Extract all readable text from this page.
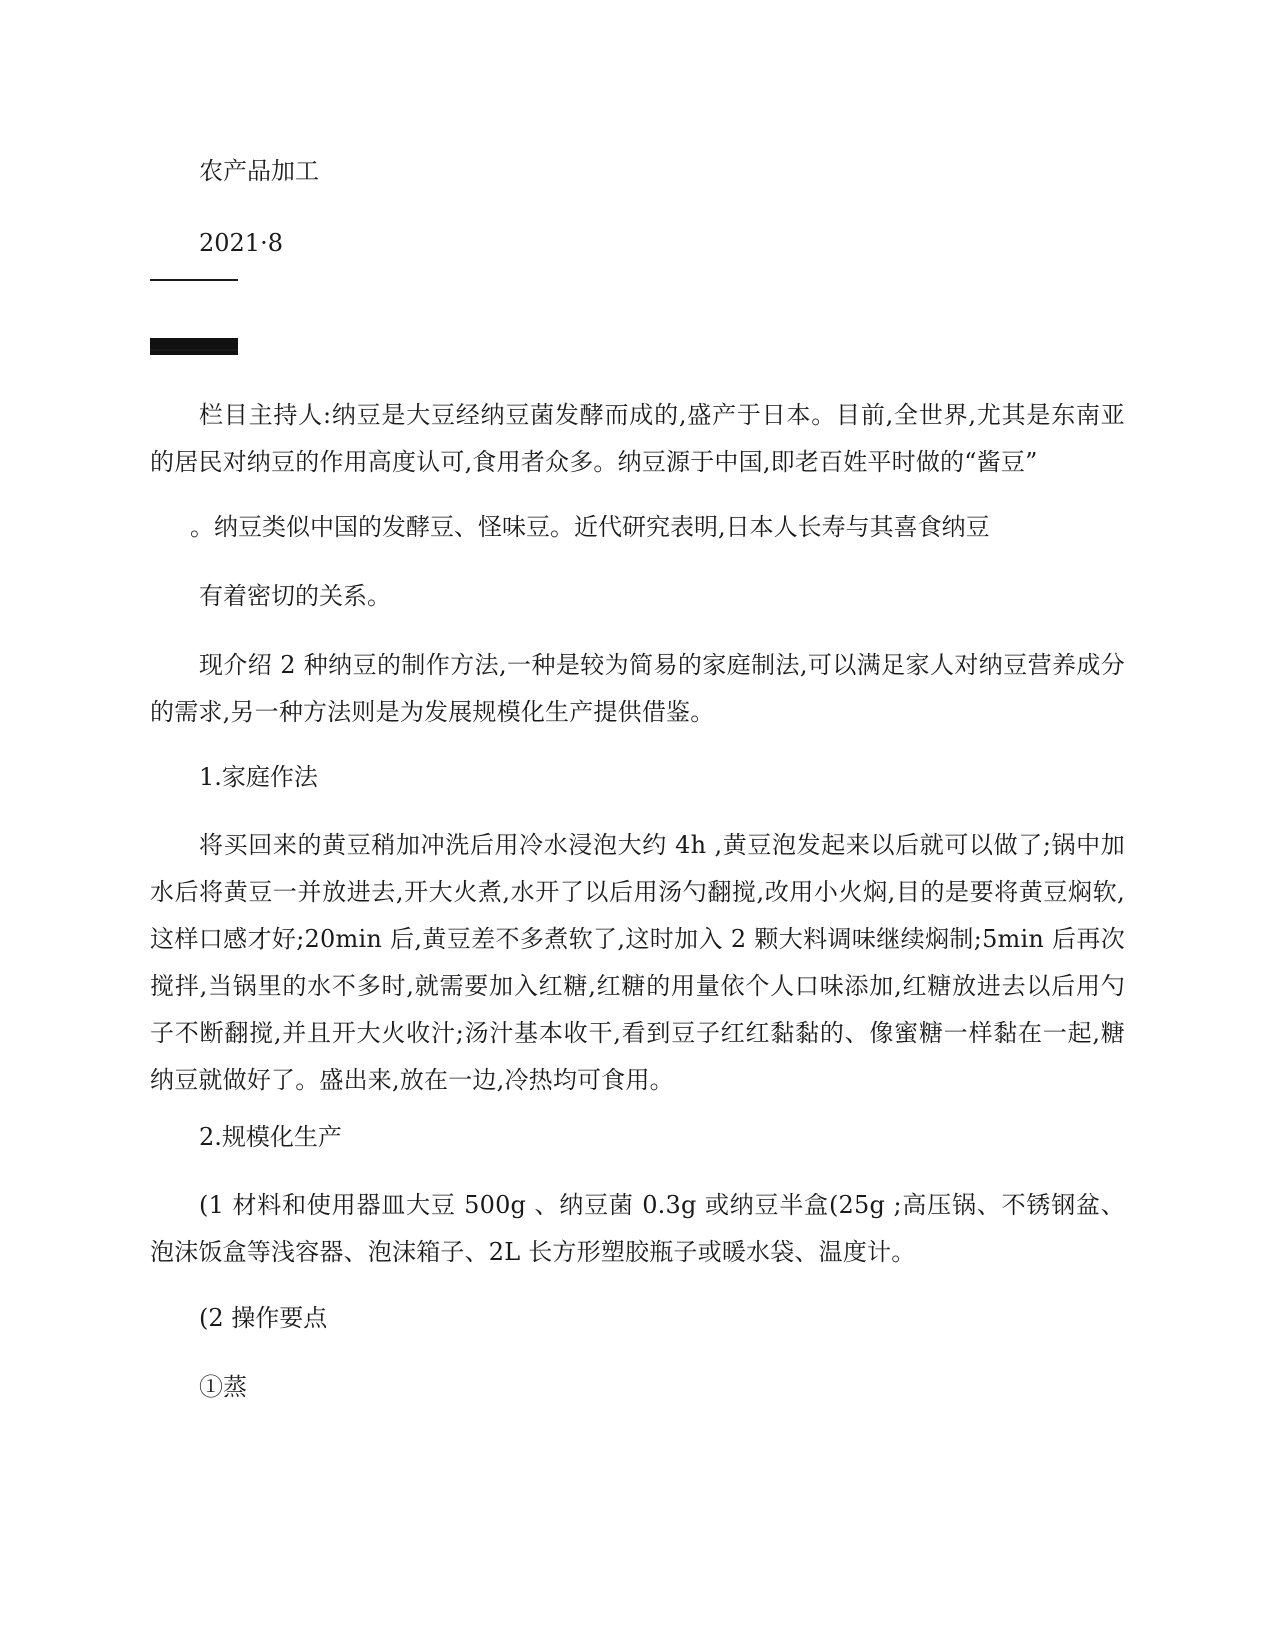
农产品加工
2021·8
栏目主持人:纳豆是大豆经纳豆菌发酵而成的,盛产于日本。目前,全世界,尤其是东南亚的居民对纳豆的作用高度认可,食用者众多。纳豆源于中国,即老百姓平时做的“酱豆”
。纳豆类似中国的发酵豆、怪味豆。近代研究表明,日本人长寿与其喜食纳豆
有着密切的关系。
现介绍 2 种纳豆的制作方法,一种是较为简易的家庭制法,可以满足家人对纳豆营养成分的需求,另一种方法则是为发展规模化生产提供借鉴。
1.家庭作法
将买回来的黄豆稍加冲洗后用冷水浸泡大约 4h ,黄豆泡发起来以后就可以做了;锅中加水后将黄豆一并放进去,开大火煮,水开了以后用汤勺翻搅,改用小火焖,目的是要将黄豆焖软,这样口感才好;20min 后,黄豆差不多煮软了,这时加入 2 颗大料调味继续焖制;5min 后再次搅拌,当锅里的水不多时,就需要加入红糖,红糖的用量依个人口味添加,红糖放进去以后用勺子不断翻搅,并且开大火收汁;汤汁基本收干,看到豆子红红黏黏的、像蜜糖一样黏在一起,糖纳豆就做好了。盛出来,放在一边,冷热均可食用。
2.规模化生产
(1 材料和使用器皿大豆 500g 、纳豆菌 0.3g 或纳豆半盒(25g ;高压锅、不锈钢盆、泡沫饭盒等浅容器、泡沫箱子、2L 长方形塑胶瓶子或暖水袋、温度计。
(2 操作要点
①蒸
